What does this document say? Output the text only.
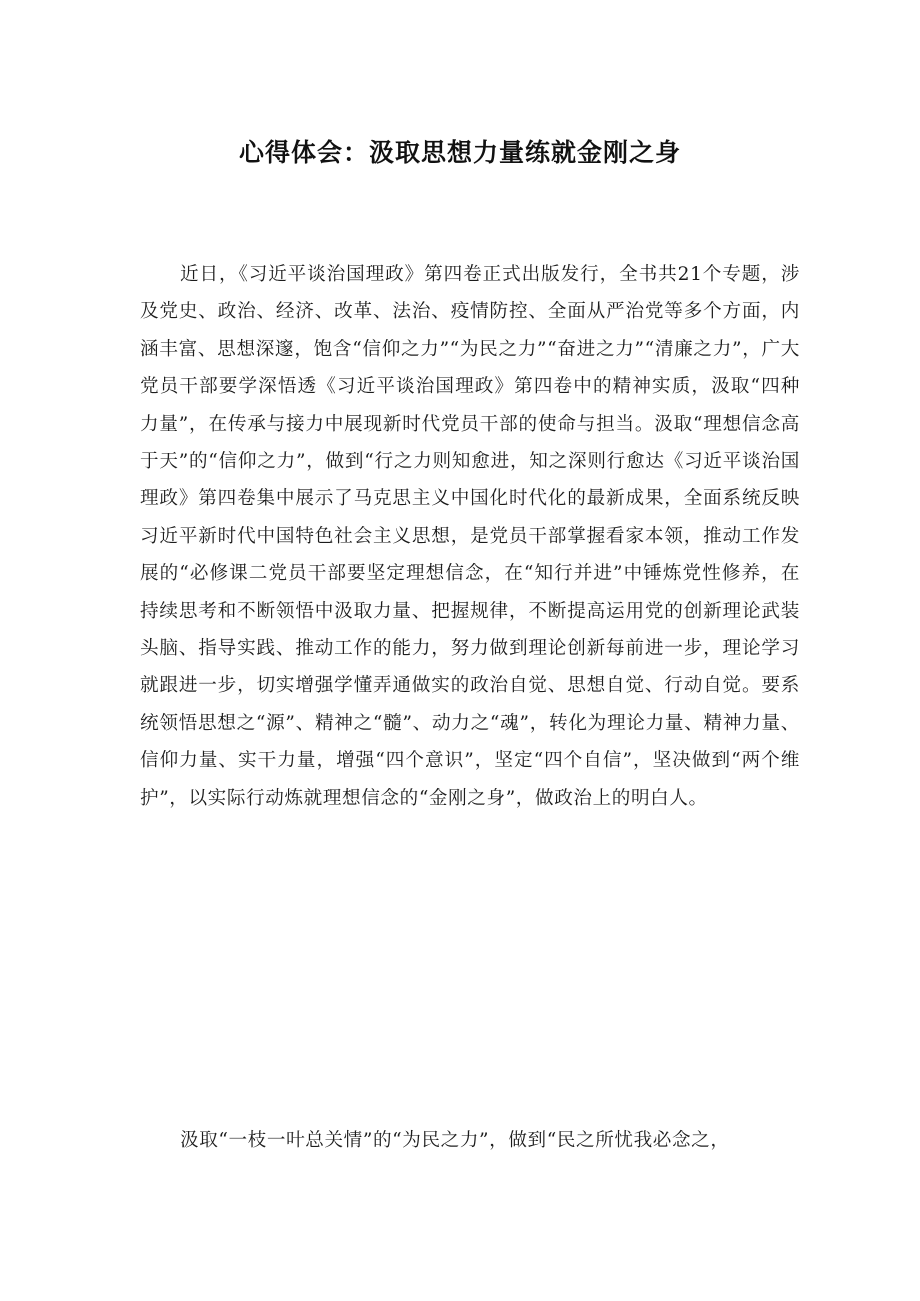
心得体会：汲取思想力量练就金刚之身

近日，《习近平谈治国理政》第四卷正式出版发行，全书共21个专题，涉及党史、政治、经济、改革、法治、疫情防控、全面从严治党等多个方面，内涵丰富、思想深邃，饱含“信仰之力”“为民之力”“奋进之力”“清廉之力”，广大党员干部要学深悟透《习近平谈治国理政》第四卷中的精神实质，汲取“四种力量”，在传承与接力中展现新时代党员干部的使命与担当。汲取“理想信念高于天”的“信仰之力”，做到“行之力则知愈进，知之深则行愈达《习近平谈治国理政》第四卷集中展示了马克思主义中国化时代化的最新成果，全面系统反映习近平新时代中国特色社会主义思想，是党员干部掌握看家本领，推动工作发展的“必修课二党员干部要坚定理想信念，在“知行并进”中锤炼党性修养，在持续思考和不断领悟中汲取力量、把握规律，不断提高运用党的创新理论武装头脑、指导实践、推动工作的能力，努力做到理论创新每前进一步，理论学习就跟进一步，切实增强学懂弄通做实的政治自觉、思想自觉、行动自觉。要系统领悟思想之“源”、精神之“髓”、动力之“魂”，转化为理论力量、精神力量、信仰力量、实干力量，增强“四个意识”，坚定“四个自信”，坚决做到“两个维护”，以实际行动炼就理想信念的“金刚之身”，做政治上的明白人。

汲取“一枝一叶总关情”的“为民之力”，做到“民之所忧我必念之，
